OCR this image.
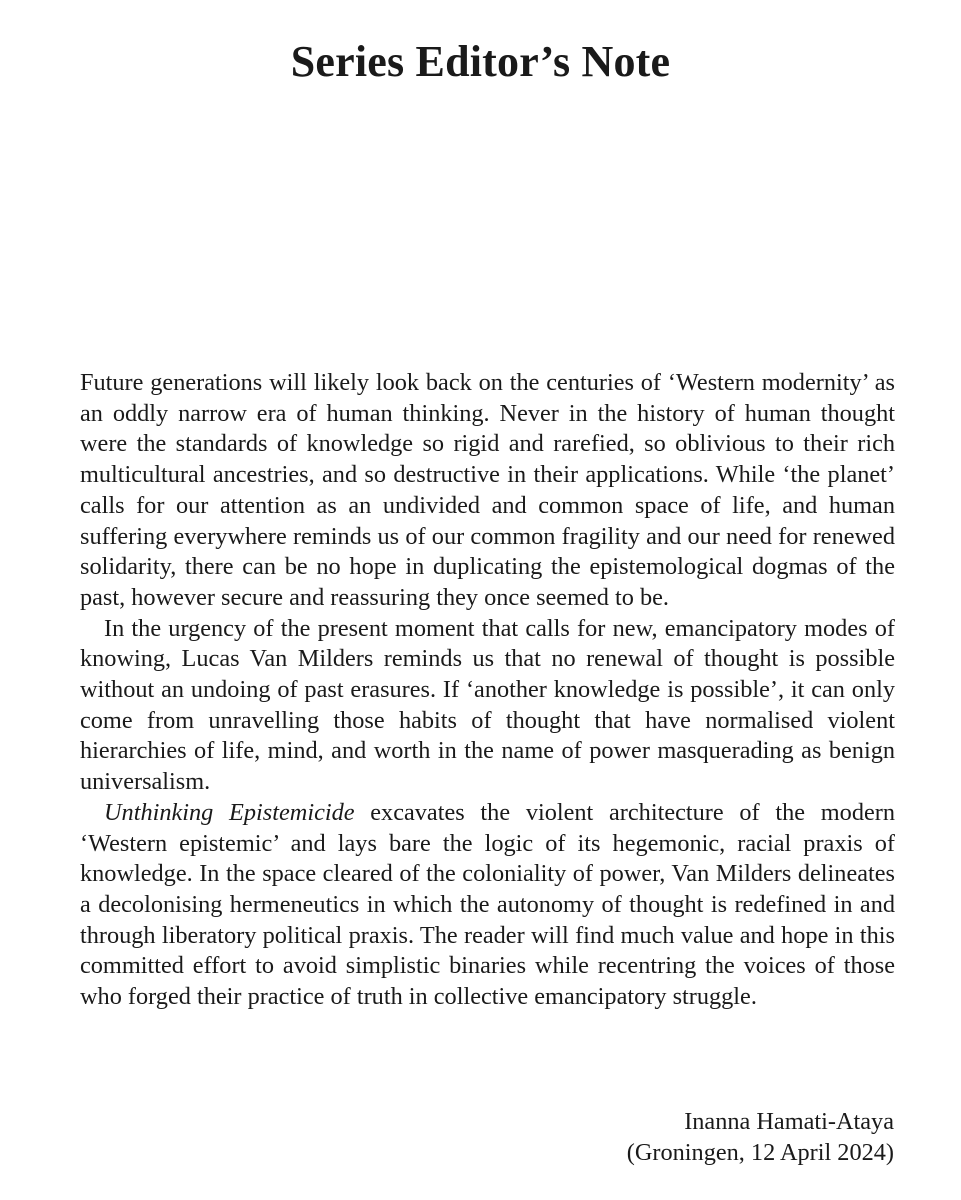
Series Editor’s Note

Future generations will likely look back on the centuries of ‘Western modernity’ as an oddly narrow era of human thinking. Never in the history of human thought were the standards of knowledge so rigid and rarefied, so oblivious to their rich multicultural ancestries, and so destructive in their applications. While ‘the planet’ calls for our attention as an undivided and common space of life, and human suffering everywhere reminds us of our common fragility and our need for renewed solidarity, there can be no hope in duplicating the epistemological dogmas of the past, however secure and reassuring they once seemed to be.

In the urgency of the present moment that calls for new, emancipatory modes of knowing, Lucas Van Milders reminds us that no renewal of thought is possible without an undoing of past erasures. If ‘another knowledge is possible’, it can only come from unravelling those habits of thought that have normalised violent hierarchies of life, mind, and worth in the name of power masquerading as benign universalism.

Unthinking Epistemicide excavates the violent architecture of the modern ‘Western epistemic’ and lays bare the logic of its hegemonic, racial praxis of knowledge. In the space cleared of the coloniality of power, Van Milders delineates a decolonising hermeneutics in which the autonomy of thought is redefined in and through liberatory political praxis. The reader will find much value and hope in this committed effort to avoid simplistic binaries while recentring the voices of those who forged their practice of truth in collective emancipatory struggle.

Inanna Hamati-Ataya
(Groningen, 12 April 2024)
